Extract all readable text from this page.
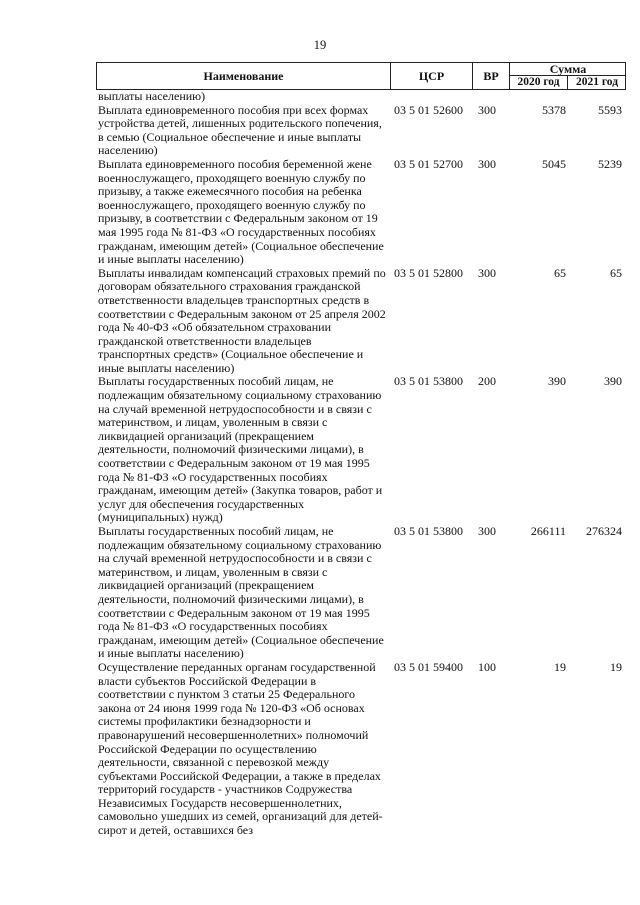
19
Наименование	ЦСР	ВР	Сумма
2020 год	2021 год
выплаты населению)
Выплата единовременного пособия при всех формах устройства детей, лишенных родительского попечения, в семью (Социальное обеспечение и иные выплаты населению)
03 5 01 52600	300	5378	5593
Выплата единовременного пособия беременной жене военнослужащего, проходящего военную службу по призыву, а также ежемесячного пособия на ребенка военнослужащего, проходящего военную службу по призыву, в соответствии с Федеральным законом от 19 мая 1995 года № 81-ФЗ «О государственных пособиях гражданам, имеющим детей» (Социальное обеспечение и иные выплаты населению)
03 5 01 52700	300	5045	5239
Выплаты инвалидам компенсаций страховых премий по договорам обязательного страхования гражданской ответственности владельцев транспортных средств в соответствии с Федеральным законом от 25 апреля 2002 года № 40-ФЗ «Об обязательном страховании гражданской ответственности владельцев транспортных средств» (Социальное обеспечение и иные выплаты населению)
03 5 01 52800	300	65	65
Выплаты государственных пособий лицам, не подлежащим обязательному социальному страхованию на случай временной нетрудоспособности и в связи с материнством, и лицам, уволенным в связи с ликвидацией организаций (прекращением деятельности, полномочий физическими лицами), в соответствии с Федеральным законом от 19 мая 1995 года № 81-ФЗ «О государственных пособиях гражданам, имеющим детей» (Закупка товаров, работ и услуг для обеспечения государственных (муниципальных) нужд)
03 5 01 53800	200	390	390
Выплаты государственных пособий лицам, не подлежащим обязательному социальному страхованию на случай временной нетрудоспособности и в связи с материнством, и лицам, уволенным в связи с ликвидацией организаций (прекращением деятельности, полномочий физическими лицами), в соответствии с Федеральным законом от 19 мая 1995 года № 81-ФЗ «О государственных пособиях гражданам, имеющим детей» (Социальное обеспечение и иные выплаты населению)
03 5 01 53800	300	266111	276324
Осуществление переданных органам государственной власти субъектов Российской Федерации в соответствии с пунктом 3 статьи 25 Федерального закона от 24 июня 1999 года № 120-ФЗ «Об основах системы профилактики безнадзорности и правонарушений несовершеннолетних» полномочий Российской Федерации по осуществлению деятельности, связанной с перевозкой между субъектами Российской Федерации, а также в пределах территорий государств - участников Содружества Независимых Государств несовершеннолетних, самовольно ушедших из семей, организаций для детей-сирот и детей, оставшихся без
03 5 01 59400	100	19	19
